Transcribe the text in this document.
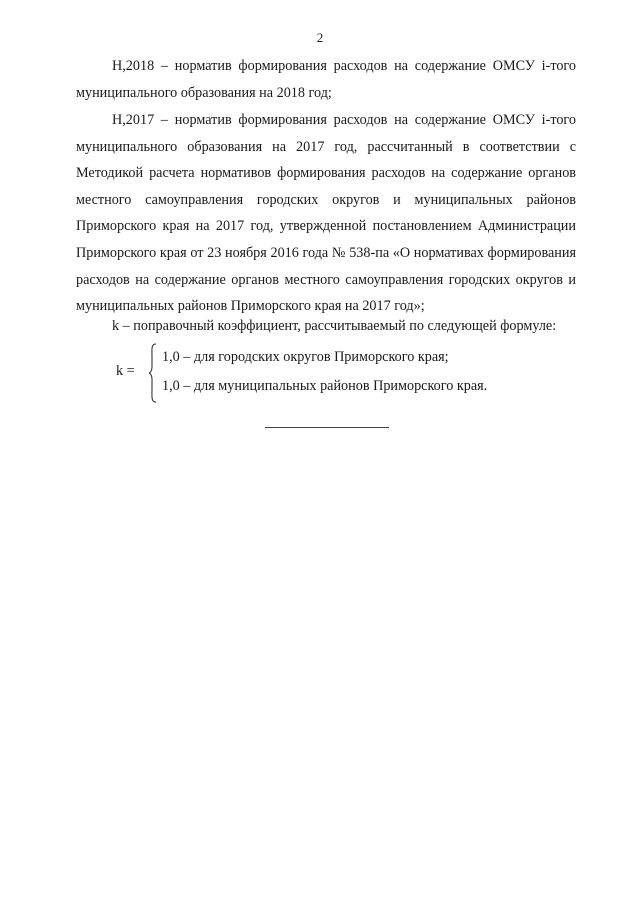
2

Н,2018 – норматив формирования расходов на содержание ОМСУ i-того муниципального образования на 2018 год;

Н,2017 – норматив формирования расходов на содержание ОМСУ i-того муниципального образования на 2017 год, рассчитанный в соответствии с Методикой расчета нормативов формирования расходов на содержание органов местного самоуправления городских округов и муниципальных районов Приморского края на 2017 год, утвержденной постановлением Администрации Приморского края от 23 ноября 2016 года № 538-па «О нормативах формирования расходов на содержание органов местного самоуправления городских округов и муниципальных районов Приморского края на 2017 год»;

k – поправочный коэффициент, рассчитываемый по следующей формуле:

k =
1,0 – для городских округов Приморского края;
1,0 – для муниципальных районов Приморского края.
